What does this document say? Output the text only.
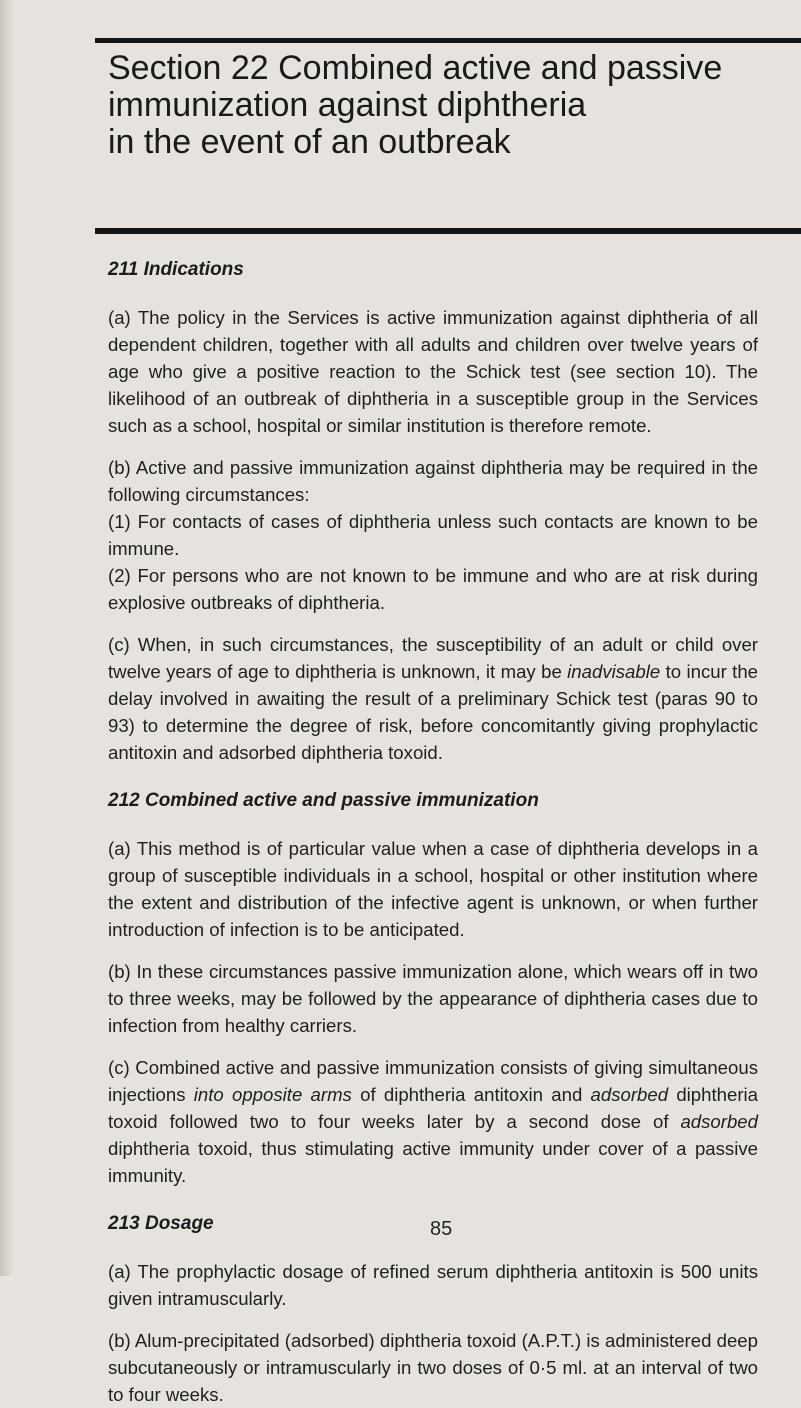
Section 22 Combined active and passive
immunization against diphtheria
in the event of an outbreak
211 Indications

(a) The policy in the Services is active immunization against diphtheria of all dependent children, together with all adults and children over twelve years of age who give a positive reaction to the Schick test (see section 10). The likelihood of an outbreak of diphtheria in a susceptible group in the Services such as a school, hospital or similar institution is therefore remote.

(b) Active and passive immunization against diphtheria may be required in the following circumstances:

(1) For contacts of cases of diphtheria unless such contacts are known to be immune.

(2) For persons who are not known to be immune and who are at risk during explosive outbreaks of diphtheria.

(c) When, in such circumstances, the susceptibility of an adult or child over twelve years of age to diphtheria is unknown, it may be inadvisable to incur the delay involved in awaiting the result of a preliminary Schick test (paras 90 to 93) to determine the degree of risk, before concomitantly giving prophylactic antitoxin and adsorbed diphtheria toxoid.

212 Combined active and passive immunization

(a) This method is of particular value when a case of diphtheria develops in a group of susceptible individuals in a school, hospital or other institution where the extent and distribution of the infective agent is unknown, or when further introduction of infection is to be anticipated.

(b) In these circumstances passive immunization alone, which wears off in two to three weeks, may be followed by the appearance of diphtheria cases due to infection from healthy carriers.

(c) Combined active and passive immunization consists of giving simultaneous injections into opposite arms of diphtheria antitoxin and adsorbed diphtheria toxoid followed two to four weeks later by a second dose of adsorbed diphtheria toxoid, thus stimulating active immunity under cover of a passive immunity.

213 Dosage

(a) The prophylactic dosage of refined serum diphtheria antitoxin is 500 units given intramuscularly.

(b) Alum-precipitated (adsorbed) diphtheria toxoid (A.P.T.) is administered deep subcutaneously or intramuscularly in two doses of 0·5 ml. at an interval of two to four weeks.

85
